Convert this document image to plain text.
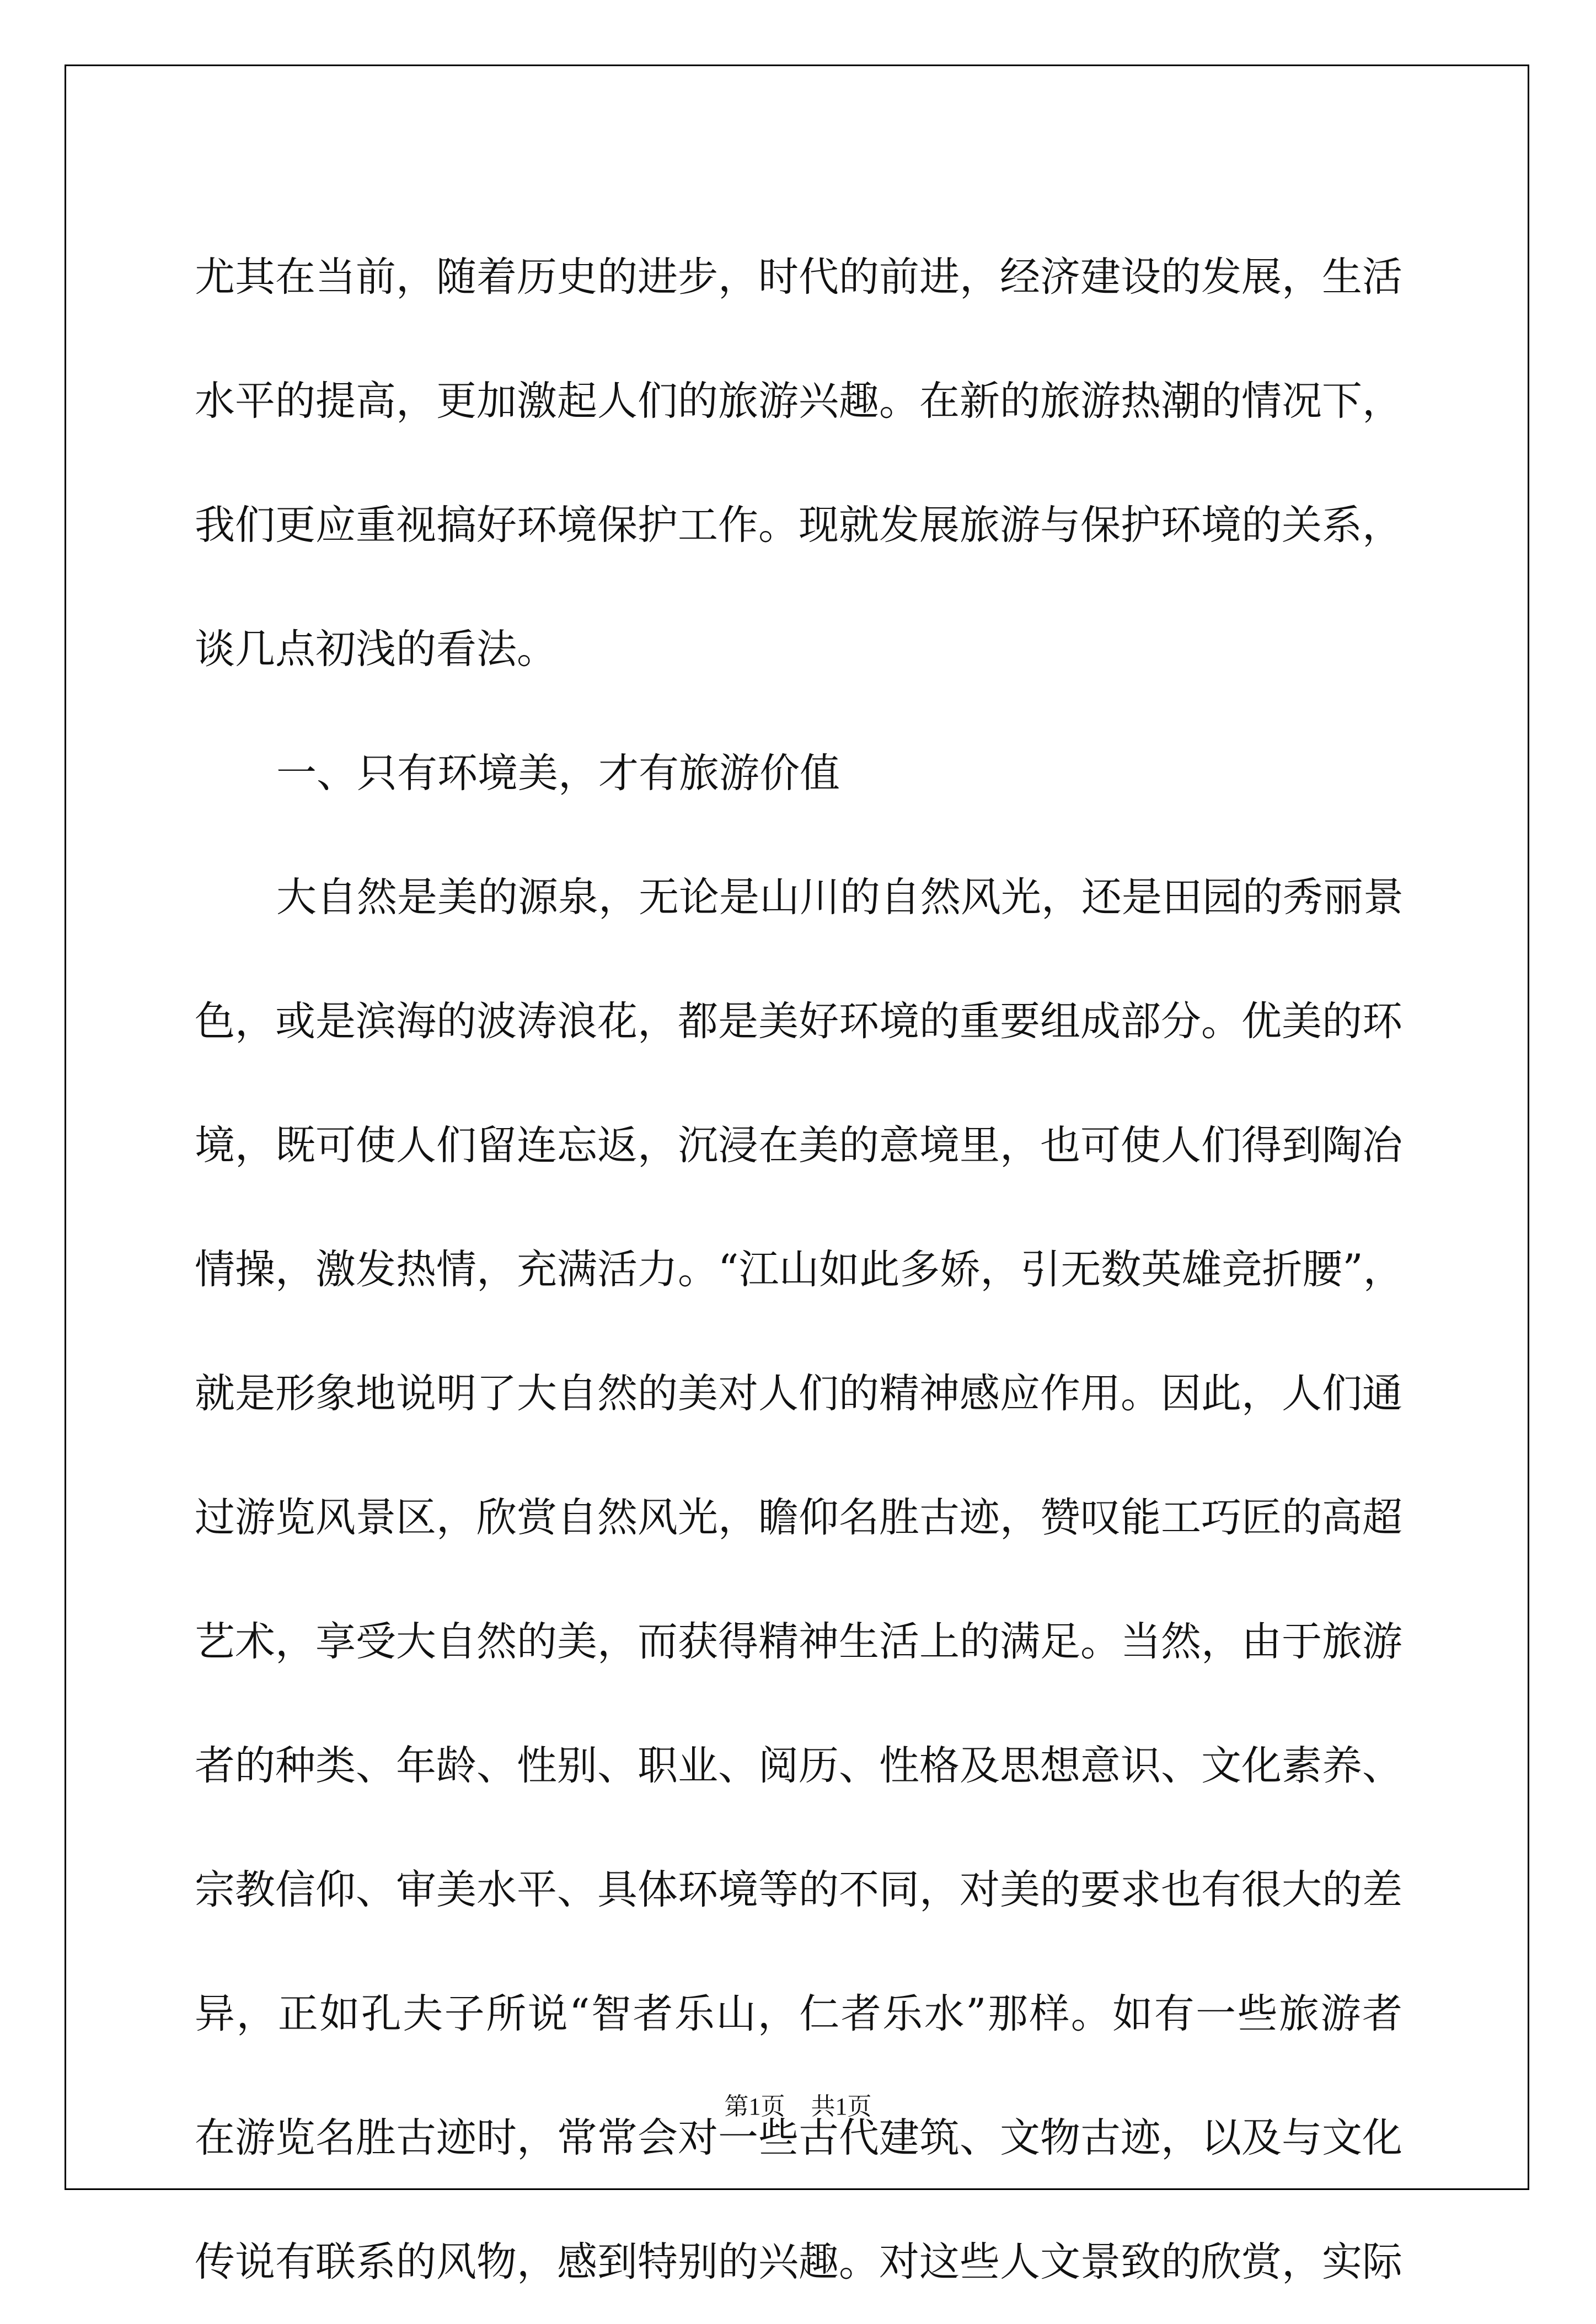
尤其在当前，随着历史的进步，时代的前进，经济建设的发展，生活
水平的提高，更加激起人们的旅游兴趣。在新的旅游热潮的情况下，
我们更应重视搞好环境保护工作。现就发展旅游与保护环境的关系，
谈几点初浅的看法。
一、只有环境美，才有旅游价值
大自然是美的源泉，无论是山川的自然风光，还是田园的秀丽景
色，或是滨海的波涛浪花，都是美好环境的重要组成部分。优美的环
境，既可使人们留连忘返，沉浸在美的意境里，也可使人们得到陶冶
情操，激发热情，充满活力。“江山如此多娇，引无数英雄竞折腰”，
就是形象地说明了大自然的美对人们的精神感应作用。因此，人们通
过游览风景区，欣赏自然风光，瞻仰名胜古迹，赞叹能工巧匠的高超
艺术，享受大自然的美，而获得精神生活上的满足。当然，由于旅游
者的种类、年龄、性别、职业、阅历、性格及思想意识、文化素养、
宗教信仰、审美水平、具体环境等的不同，对美的要求也有很大的差
异，正如孔夫子所说“智者乐山，仁者乐水”那样。如有一些旅游者
在游览名胜古迹时，常常会对一些古代建筑、文物古迹，以及与文化
传说有联系的风物，感到特别的兴趣。对这些人文景致的欣赏，实际
第1页 共1页
